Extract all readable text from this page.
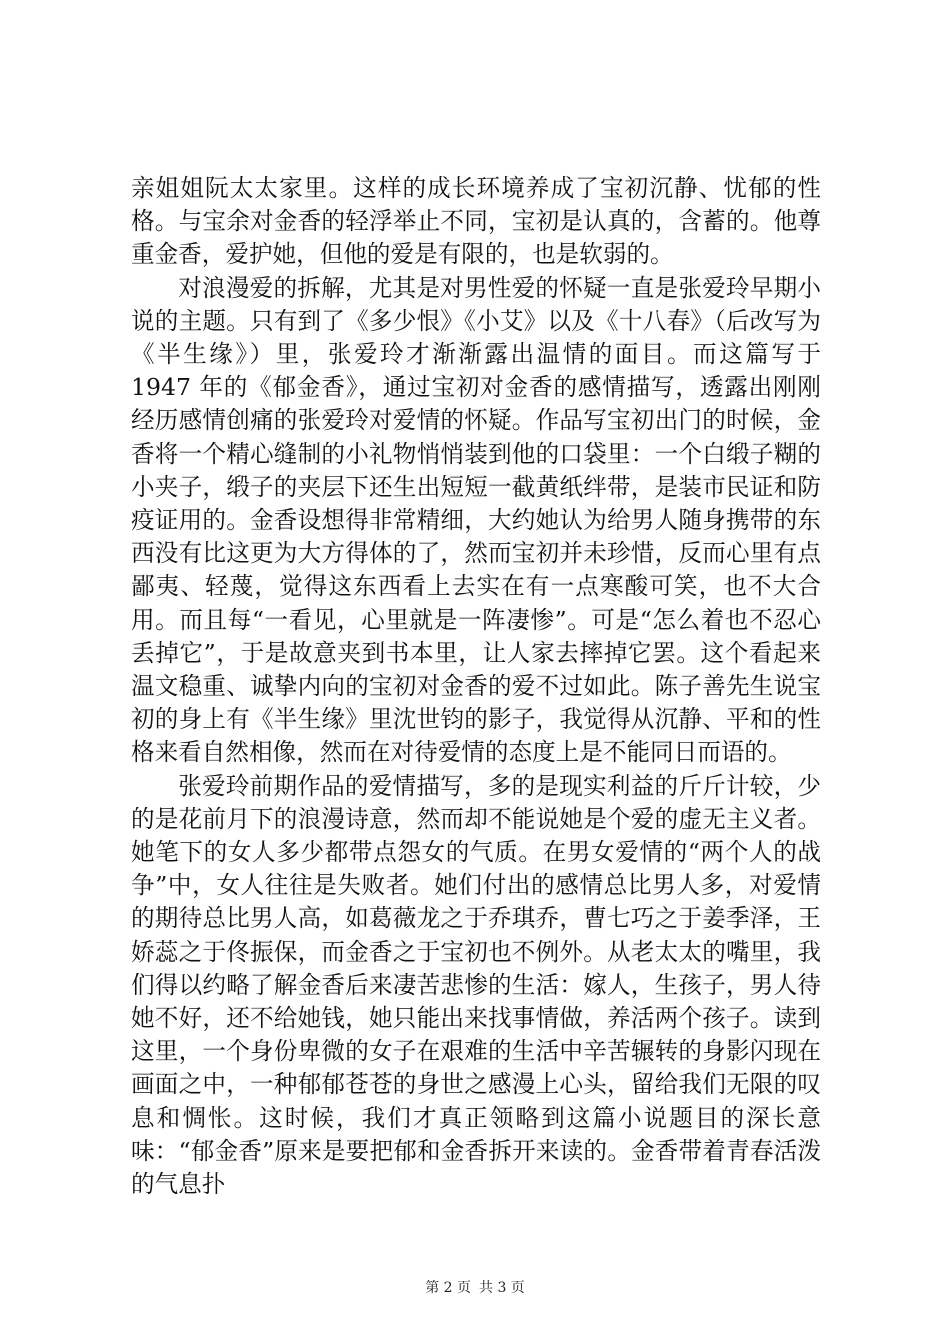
亲姐姐阮太太家里。这样的成长环境养成了宝初沉静、忧郁的性格。与宝余对金香的轻浮举止不同，宝初是认真的，含蓄的。他尊重金香，爱护她，但他的爱是有限的，也是软弱的。

对浪漫爱的拆解，尤其是对男性爱的怀疑一直是张爱玲早期小说的主题。只有到了《多少恨》《小艾》以及《十八春》（后改写为《半生缘》）里，张爱玲才渐渐露出温情的面目。而这篇写于 1947 年的《郁金香》，通过宝初对金香的感情描写，透露出刚刚经历感情创痛的张爱玲对爱情的怀疑。作品写宝初出门的时候，金香将一个精心缝制的小礼物悄悄装到他的口袋里：一个白缎子糊的小夹子，缎子的夹层下还生出短短一截黄纸绊带，是装市民证和防疫证用的。金香设想得非常精细，大约她认为给男人随身携带的东西没有比这更为大方得体的了，然而宝初并未珍惜，反而心里有点鄙夷、轻蔑，觉得这东西看上去实在有一点寒酸可笑，也不大合用。而且每“一看见，心里就是一阵凄惨”。可是“怎么着也不忍心丢掉它”，于是故意夹到书本里，让人家去摔掉它罢。这个看起来温文稳重、诚挚内向的宝初对金香的爱不过如此。陈子善先生说宝初的身上有《半生缘》里沈世钧的影子，我觉得从沉静、平和的性格来看自然相像，然而在对待爱情的态度上是不能同日而语的。

张爱玲前期作品的爱情描写，多的是现实利益的斤斤计较，少的是花前月下的浪漫诗意，然而却不能说她是个爱的虚无主义者。她笔下的女人多少都带点怨女的气质。在男女爱情的“两个人的战争”中，女人往往是失败者。她们付出的感情总比男人多，对爱情的期待总比男人高，如葛薇龙之于乔琪乔，曹七巧之于姜季泽，王娇蕊之于佟振保，而金香之于宝初也不例外。从老太太的嘴里，我们得以约略了解金香后来凄苦悲惨的生活：嫁人，生孩子，男人待她不好，还不给她钱，她只能出来找事情做，养活两个孩子。读到这里，一个身份卑微的女子在艰难的生活中辛苦辗转的身影闪现在画面之中，一种郁郁苍苍的身世之感漫上心头，留给我们无限的叹息和惆怅。这时候，我们才真正领略到这篇小说题目的深长意味：“郁金香”原来是要把郁和金香拆开来读的。金香带着青春活泼的气息扑

第 2 页 共 3 页
